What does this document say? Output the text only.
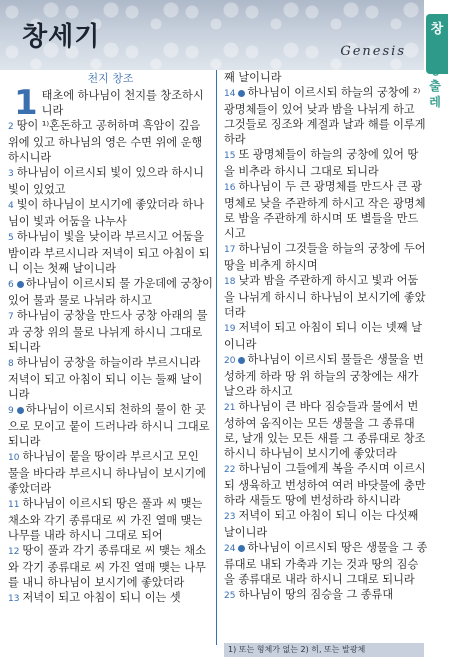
창세기	Genesis
창
천지 창조
1 태초에 하나님이 천지를 창조하시니라
2 땅이 ¹⁾혼돈하고 공허하며 흑암이 깊음 위에 있고 하나님의 영은 수면 위에 운행하시니라
3 하나님이 이르시되 빛이 있으라 하시니 빛이 있었고
4 빛이 하나님이 보시기에 좋았더라 하나님이 빛과 어둠을 나누사
5 하나님이 빛을 낮이라 부르시고 어둠을 밤이라 부르시니라 저녁이 되고 아침이 되니 이는 첫째 날이니라
6 하나님이 이르시되 물 가운데에 궁창이 있어 물과 물로 나뉘라 하시고
7 하나님이 궁창을 만드사 궁창 아래의 물과 궁창 위의 물로 나뉘게 하시니 그대로 되니라
8 하나님이 궁창을 하늘이라 부르시니라 저녁이 되고 아침이 되니 이는 둘째 날이니라
9 하나님이 이르시되 천하의 물이 한 곳으로 모이고 뭍이 드러나라 하시니 그대로 되니라
10 하나님이 뭍을 땅이라 부르시고 모인 물을 바다라 부르시니 하나님이 보시기에 좋았더라
11 하나님이 이르시되 땅은 풀과 씨 맺는 채소와 각기 종류대로 씨 가진 열매 맺는 나무를 내라 하시니 그대로 되어
12 땅이 풀과 각기 종류대로 씨 맺는 채소와 각기 종류대로 씨 가진 열매 맺는 나무를 내니 하나님이 보시기에 좋았더라
13 저녁이 되고 아침이 되니 이는 셋
째 날이니라
14 하나님이 이르시되 하늘의 궁창에 ²⁾광명체들이 있어 낮과 밤을 나뉘게 하고 그것들로 징조와 계절과 날과 해를 이루게 하라
15 또 광명체들이 하늘의 궁창에 있어 땅을 비추라 하시니 그대로 되니라
16 하나님이 두 큰 광명체를 만드사 큰 광명체로 낮을 주관하게 하시고 작은 광명체로 밤을 주관하게 하시며 또 별들을 만드시고
17 하나님이 그것들을 하늘의 궁창에 두어 땅을 비추게 하시며
18 낮과 밤을 주관하게 하시고 빛과 어둠을 나뉘게 하시니 하나님이 보시기에 좋았더라
19 저녁이 되고 아침이 되니 이는 넷째 날이니라
20 하나님이 이르시되 물들은 생물을 번성하게 하라 땅 위 하늘의 궁창에는 새가 날으라 하시고
21 하나님이 큰 바다 짐승들과 물에서 번성하여 움직이는 모든 생물을 그 종류대로, 날개 있는 모든 새를 그 종류대로 창조하시니 하나님이 보시기에 좋았더라
22 하나님이 그들에게 복을 주시며 이르시되 생육하고 번성하여 여러 바닷물에 충만하라 새들도 땅에 번성하라 하시니라
23 저녁이 되고 아침이 되니 이는 다섯째 날이니라
24 하나님이 이르시되 땅은 생물을 그 종류대로 내되 가축과 기는 것과 땅의 짐승을 종류대로 내라 하시니 그대로 되니라
25 하나님이 땅의 짐승을 그 종류대
1) 또는 형체가 없는 2) 히, 또는 발광체
창출레
